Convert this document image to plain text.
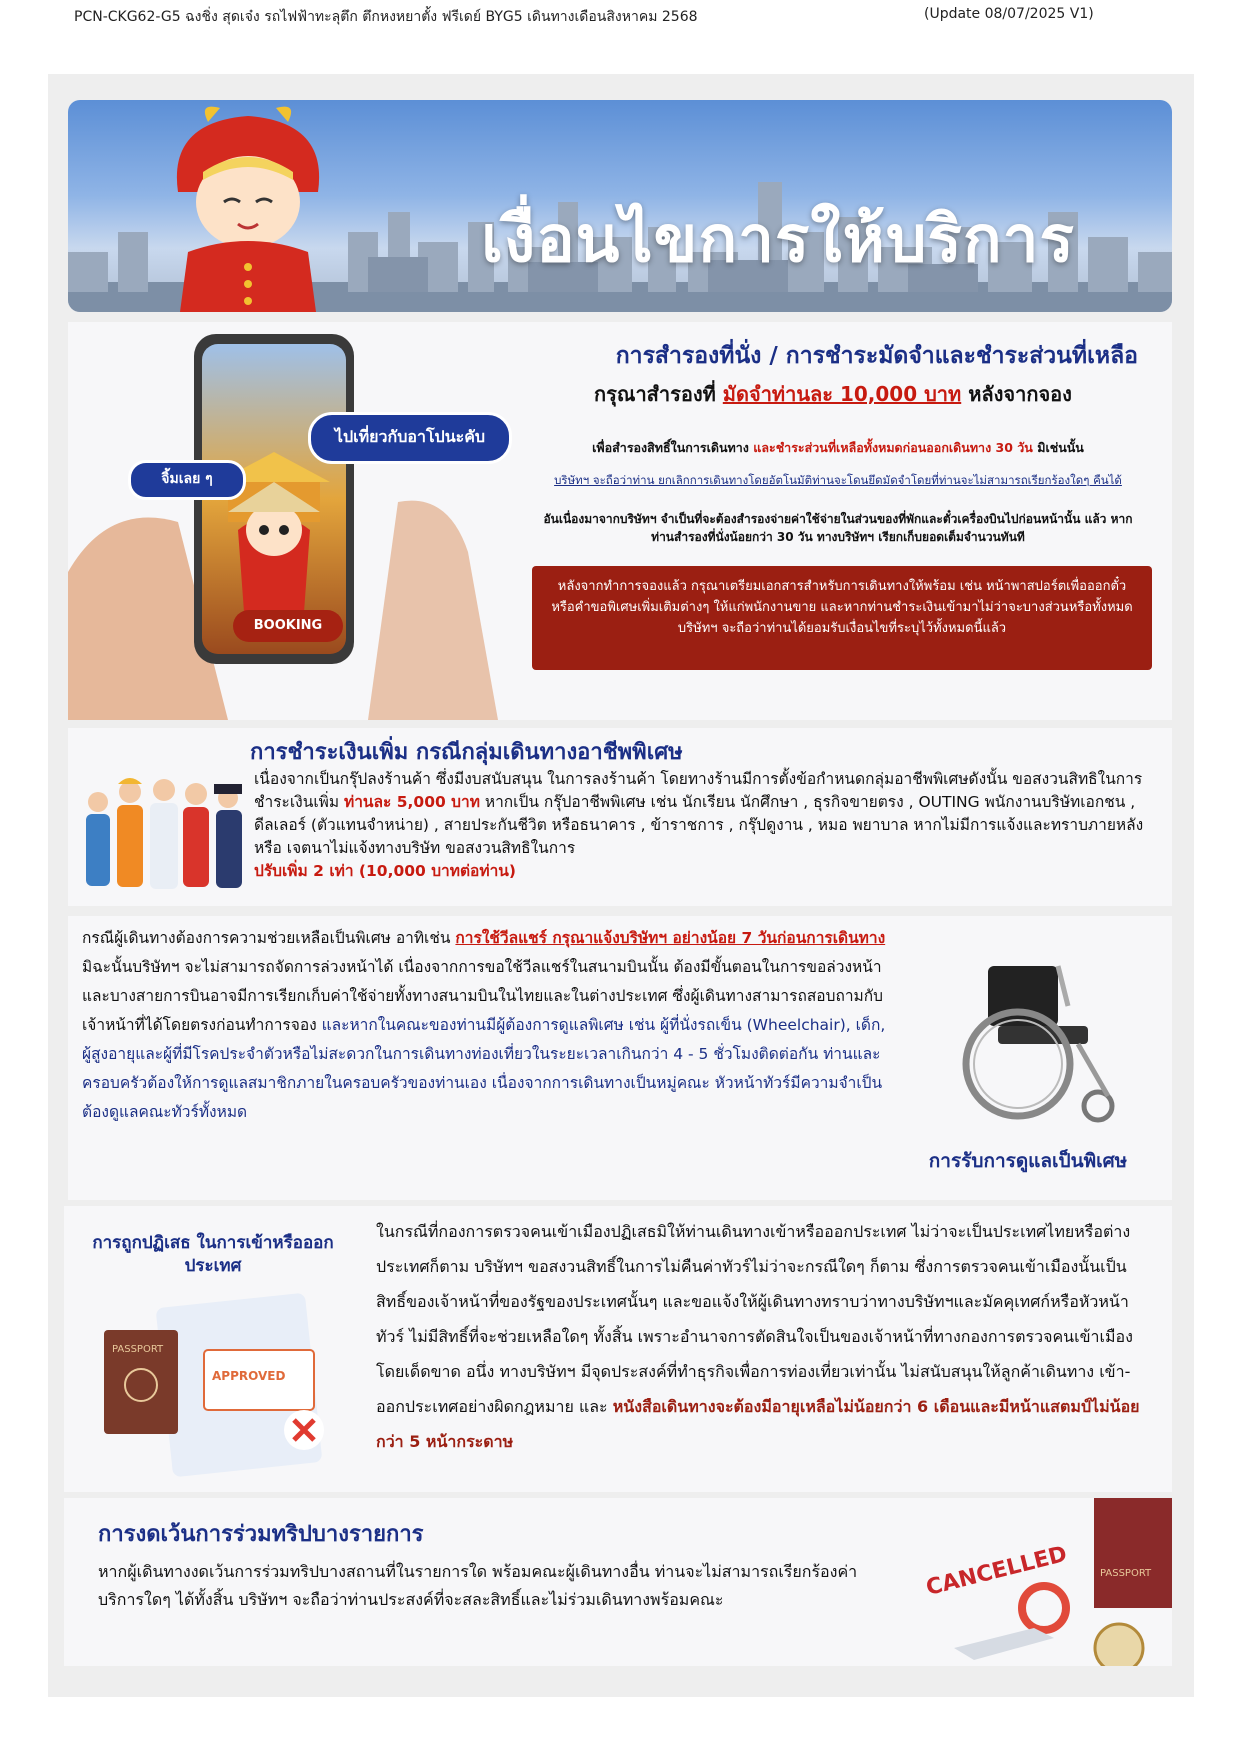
PCN-CKG62-G5 ฉงชิ่ง สุดเจ๋ง รถไฟฟ้าทะลุตึก ตึกหงหยาตั้ง ฟรีเดย์ BYG5 เดินทางเดือนสิงหาคม 2568	(Update 08/07/2025 V1)
เงื่อนไขการให้บริการ
ไปเที่ยวกับอาโปนะคับ
จิ้มเลย ๆ
BOOKING
การสำรองที่นั่ง / การชำระมัดจำและชำระส่วนที่เหลือ
กรุณาสำรองที่ มัดจำท่านละ 10,000 บาท หลังจากจอง
เพื่อสำรองสิทธิ์ในการเดินทาง และชำระส่วนที่เหลือทั้งหมดก่อนออกเดินทาง 30 วัน มิเช่นนั้น
บริษัทฯ จะถือว่าท่าน ยกเลิกการเดินทางโดยอัตโนมัติท่านจะโดนยึดมัดจำโดยที่ท่านจะไม่สามารถเรียกร้องใดๆ คืนได้
อันเนื่องมาจากบริษัทฯ จำเป็นที่จะต้องสำรองจ่ายค่าใช้จ่ายในส่วนของที่พักและตั๋วเครื่องบินไปก่อนหน้านั้น แล้ว หากท่านสำรองที่นั่งน้อยกว่า 30 วัน ทางบริษัทฯ เรียกเก็บยอดเต็มจำนวนทันที
หลังจากทำการจองแล้ว กรุณาเตรียมเอกสารสำหรับการเดินทางให้พร้อม เช่น หน้าพาสปอร์ตเพื่อออกตั๋วหรือคำขอพิเศษเพิ่มเติมต่างๆ ให้แก่พนักงานขาย และหากท่านชำระเงินเข้ามาไม่ว่าจะบางส่วนหรือทั้งหมด บริษัทฯ จะถือว่าท่านได้ยอมรับเงื่อนไขที่ระบุไว้ทั้งหมดนี้แล้ว
การชำระเงินเพิ่ม กรณีกลุ่มเดินทางอาชีพพิเศษ
เนื่องจากเป็นกรุ๊ปลงร้านค้า ซึ่งมีงบสนับสนุน ในการลงร้านค้า โดยทางร้านมีการตั้งข้อกำหนดกลุ่มอาชีพพิเศษดังนั้น ขอสงวนสิทธิในการชำระเงินเพิ่ม ท่านละ 5,000 บาท หากเป็น กรุ๊ปอาชีพพิเศษ เช่น นักเรียน นักศึกษา , ธุรกิจขายตรง , OUTING พนักงานบริษัทเอกชน , ดีลเลอร์ (ตัวแทนจำหน่าย) , สายประกันชีวิต หรือธนาคาร , ข้าราชการ , กรุ๊ปดูงาน , หมอ พยาบาล หากไม่มีการแจ้งและทราบภายหลัง หรือ เจตนาไม่แจ้งทางบริษัท ขอสงวนสิทธิในการ
ปรับเพิ่ม 2 เท่า (10,000 บาทต่อท่าน)
กรณีผู้เดินทางต้องการความช่วยเหลือเป็นพิเศษ อาทิเช่น การใช้วีลแชร์ กรุณาแจ้งบริษัทฯ อย่างน้อย 7 วันก่อนการเดินทาง มิฉะนั้นบริษัทฯ จะไม่สามารถจัดการล่วงหน้าได้ เนื่องจากการขอใช้วีลแชร์ในสนามบินนั้น ต้องมีขั้นตอนในการขอล่วงหน้า และบางสายการบินอาจมีการเรียกเก็บค่าใช้จ่ายทั้งทางสนามบินในไทยและในต่างประเทศ ซึ่งผู้เดินทางสามารถสอบถามกับเจ้าหน้าที่ได้โดยตรงก่อนทำการจอง และหากในคณะของท่านมีผู้ต้องการดูแลพิเศษ เช่น ผู้ที่นั่งรถเข็น (Wheelchair), เด็ก, ผู้สูงอายุและผู้ที่มีโรคประจำตัวหรือไม่สะดวกในการเดินทางท่องเที่ยวในระยะเวลาเกินกว่า 4 - 5 ชั่วโมงติดต่อกัน ท่านและครอบครัวต้องให้การดูแลสมาชิกภายในครอบครัวของท่านเอง เนื่องจากการเดินทางเป็นหมู่คณะ หัวหน้าทัวร์มีความจำเป็นต้องดูแลคณะทัวร์ทั้งหมด
การรับการดูแลเป็นพิเศษ
การถูกปฏิเสธ ในการเข้าหรือออกประเทศ
APPROVED
PASSPORT
ในกรณีที่กองการตรวจคนเข้าเมืองปฏิเสธมิให้ท่านเดินทางเข้าหรือออกประเทศ ไม่ว่าจะเป็นประเทศไทยหรือต่างประเทศก็ตาม บริษัทฯ ขอสงวนสิทธิ์ในการไม่คืนค่าทัวร์ไม่ว่าจะกรณีใดๆ ก็ตาม ซึ่งการตรวจคนเข้าเมืองนั้นเป็นสิทธิ์ของเจ้าหน้าที่ของรัฐของประเทศนั้นๆ และขอแจ้งให้ผู้เดินทางทราบว่าทางบริษัทฯและมัคคุเทศก์หรือหัวหน้าทัวร์ ไม่มีสิทธิ์ที่จะช่วยเหลือใดๆ ทั้งสิ้น เพราะอำนาจการตัดสินใจเป็นของเจ้าหน้าที่ทางกองการตรวจคนเข้าเมืองโดยเด็ดขาด อนึ่ง ทางบริษัทฯ มีจุดประสงค์ที่ทำธุรกิจเพื่อการท่องเที่ยวเท่านั้น ไม่สนับสนุนให้ลูกค้าเดินทาง เข้า-ออกประเทศอย่างผิดกฎหมาย และ หนังสือเดินทางจะต้องมีอายุเหลือไม่น้อยกว่า 6 เดือนและมีหน้าแสตมป์ไม่น้อยกว่า 5 หน้ากระดาษ
การงดเว้นการร่วมทริปบางรายการ
หากผู้เดินทางงดเว้นการร่วมทริปบางสถานที่ในรายการใด พร้อมคณะผู้เดินทางอื่น ท่านจะไม่สามารถเรียกร้องค่าบริการใดๆ ได้ทั้งสิ้น บริษัทฯ จะถือว่าท่านประสงค์ที่จะสละสิทธิ์และไม่ร่วมเดินทางพร้อมคณะ
PASSPORT
CANCELLED
